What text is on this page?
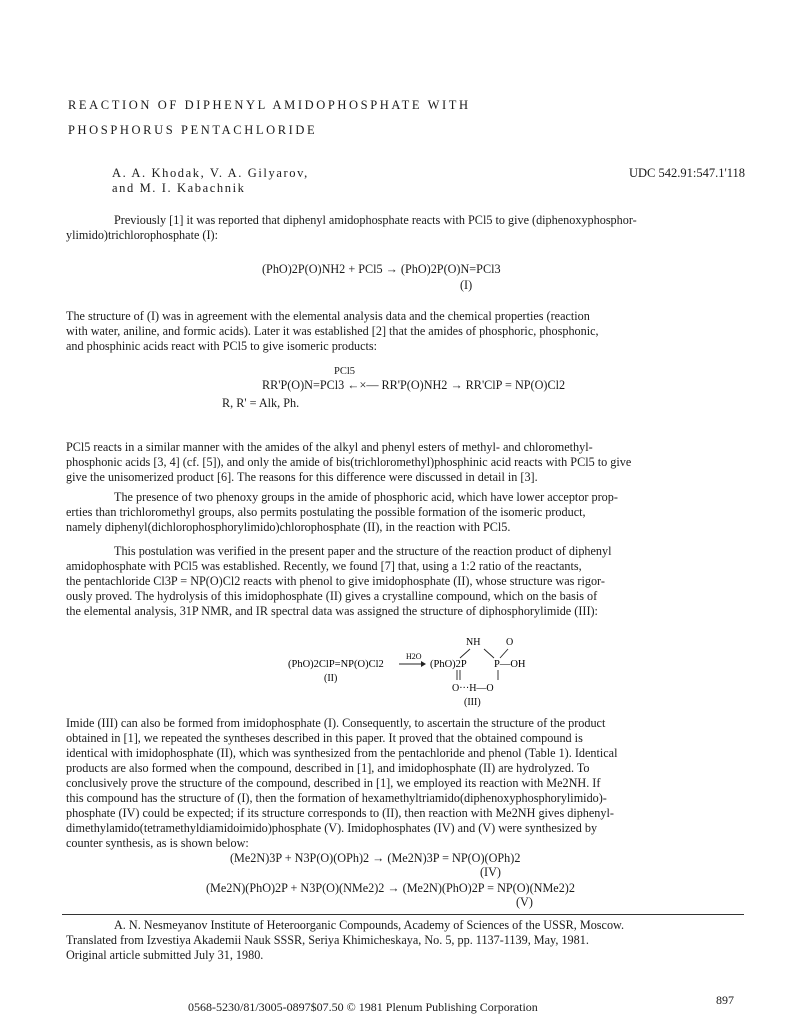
REACTION OF DIPHENYL AMIDOPHOSPHATE WITH
PHOSPHORUS PENTACHLORIDE
A. A. Khodak, V. A. Gilyarov,
and M. I. Kabachnik
UDC 542.91:547.1'118
Previously [1] it was reported that diphenyl amidophosphate reacts with PCl5 to give (diphenoxyphosphor-
ylimido)trichlorophosphate (I):
(PhO)2P(O)NH2 + PCl5 → (PhO)2P(O)N=PCl3
(I)
The structure of (I) was in agreement with the elemental analysis data and the chemical properties (reaction
with water, aniline, and formic acids). Later it was established [2] that the amides of phosphoric, phosphonic,
and phosphinic acids react with PCl5 to give isomeric products:
PCl5
RR'P(O)N=PCl3 ←×— RR'P(O)NH2 → RR'ClP = NP(O)Cl2
R, R' = Alk, Ph.
PCl5 reacts in a similar manner with the amides of the alkyl and phenyl esters of methyl- and chloromethyl-
phosphonic acids [3, 4] (cf. [5]), and only the amide of bis(trichloromethyl)phosphinic acid reacts with PCl5 to give
give the unisomerized product [6]. The reasons for this difference were discussed in detail in [3].
The presence of two phenoxy groups in the amide of phosphoric acid, which have lower acceptor prop-
erties than trichloromethyl groups, also permits postulating the possible formation of the isomeric product,
namely diphenyl(dichlorophosphorylimido)chlorophosphate (II), in the reaction with PCl5.
This postulation was verified in the present paper and the structure of the reaction product of diphenyl
amidophosphate with PCl5 was established. Recently, we found [7] that, using a 1:2 ratio of the reactants,
the pentachloride Cl3P = NP(O)Cl2 reacts with phenol to give imidophosphate (II), whose structure was rigor-
ously proved. The hydrolysis of this imidophosphate (II) gives a crystalline compound, which on the basis of
the elemental analysis, 31P NMR, and IR spectral data was assigned the structure of diphosphorylimide (III):
(PhO)2ClP=NP(O)Cl2
(II)
H2O
(PhO)2P
NH	O
P—OH
O···H—O
(III)
Imide (III) can also be formed from imidophosphate (I). Consequently, to ascertain the structure of the product
obtained in [1], we repeated the syntheses described in this paper. It proved that the obtained compound is
identical with imidophosphate (II), which was synthesized from the pentachloride and phenol (Table 1). Identical
products are also formed when the compound, described in [1], and imidophosphate (II) are hydrolyzed. To
conclusively prove the structure of the compound, described in [1], we employed its reaction with Me2NH. If
this compound has the structure of (I), then the formation of hexamethyltriamido(diphenoxyphosphorylimido)-
phosphate (IV) could be expected; if its structure corresponds to (II), then reaction with Me2NH gives diphenyl-
dimethylamido(tetramethyldiamidoimido)phosphate (V). Imidophosphates (IV) and (V) were synthesized by
counter synthesis, as is shown below:
(Me2N)3P + N3P(O)(OPh)2 → (Me2N)3P = NP(O)(OPh)2
(IV)
(Me2N)(PhO)2P + N3P(O)(NMe2)2 → (Me2N)(PhO)2P = NP(O)(NMe2)2
(V)
A. N. Nesmeyanov Institute of Heteroorganic Compounds, Academy of Sciences of the USSR, Moscow.
Translated from Izvestiya Akademii Nauk SSSR, Seriya Khimicheskaya, No. 5, pp. 1137-1139, May, 1981.
Original article submitted July 31, 1980.
0568-5230/81/3005-0897$07.50 © 1981 Plenum Publishing Corporation	897
